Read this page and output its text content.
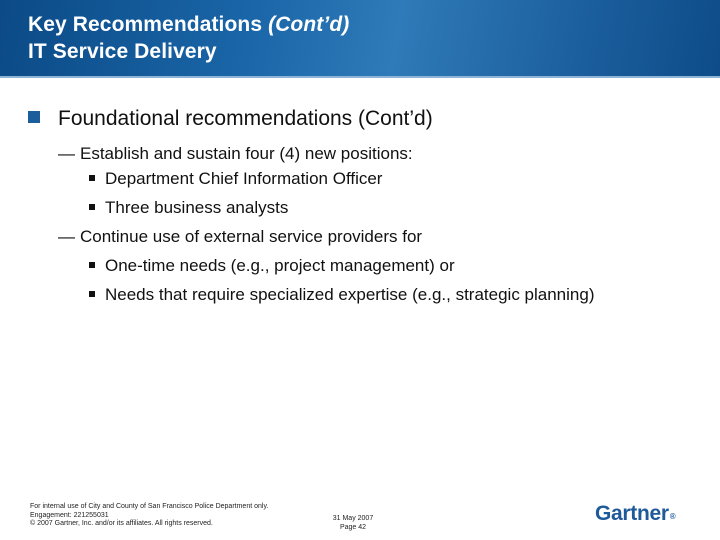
Key Recommendations (Cont’d)
IT Service Delivery
Foundational recommendations (Cont’d)
— Establish and sustain four (4) new positions:
Department Chief Information Officer
Three business analysts
— Continue use of external service providers for
One-time needs (e.g., project management) or
Needs that require specialized expertise (e.g., strategic planning)
For internal use of City and County of San Francisco Police Department only.
Engagement: 221255031
© 2007 Gartner, Inc. and/or its affiliates. All rights reserved.
31 May 2007
Page 42
Gartner®
